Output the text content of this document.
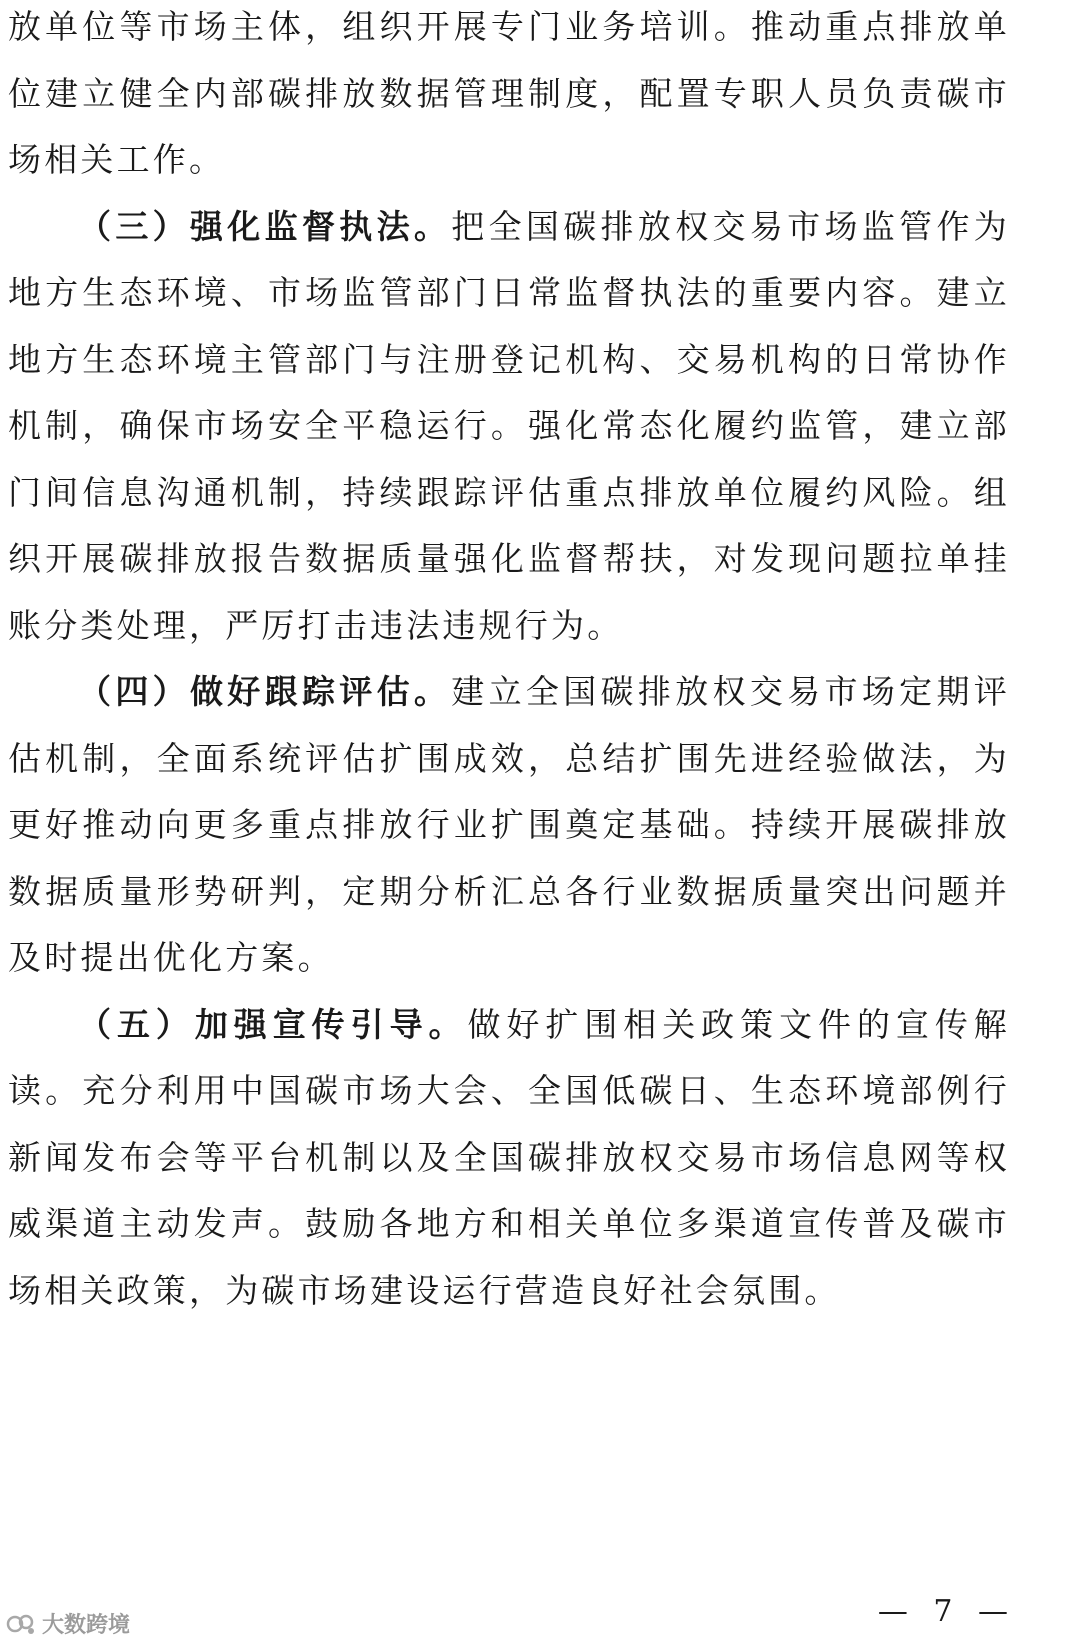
放单位等市场主体，组织开展专门业务培训。推动重点排放单位建立健全内部碳排放数据管理制度，配置专职人员负责碳市场相关工作。

（三）强化监督执法。把全国碳排放权交易市场监管作为地方生态环境、市场监管部门日常监督执法的重要内容。建立地方生态环境主管部门与注册登记机构、交易机构的日常协作机制，确保市场安全平稳运行。强化常态化履约监管，建立部门间信息沟通机制，持续跟踪评估重点排放单位履约风险。组织开展碳排放报告数据质量强化监督帮扶，对发现问题拉单挂账分类处理，严厉打击违法违规行为。

（四）做好跟踪评估。建立全国碳排放权交易市场定期评估机制，全面系统评估扩围成效，总结扩围先进经验做法，为更好推动向更多重点排放行业扩围奠定基础。持续开展碳排放数据质量形势研判，定期分析汇总各行业数据质量突出问题并及时提出优化方案。

（五）加强宣传引导。做好扩围相关政策文件的宣传解读。充分利用中国碳市场大会、全国低碳日、生态环境部例行新闻发布会等平台机制以及全国碳排放权交易市场信息网等权威渠道主动发声。鼓励各地方和相关单位多渠道宣传普及碳市场相关政策，为碳市场建设运行营造良好社会氛围。

大数跨境	— 7 —
